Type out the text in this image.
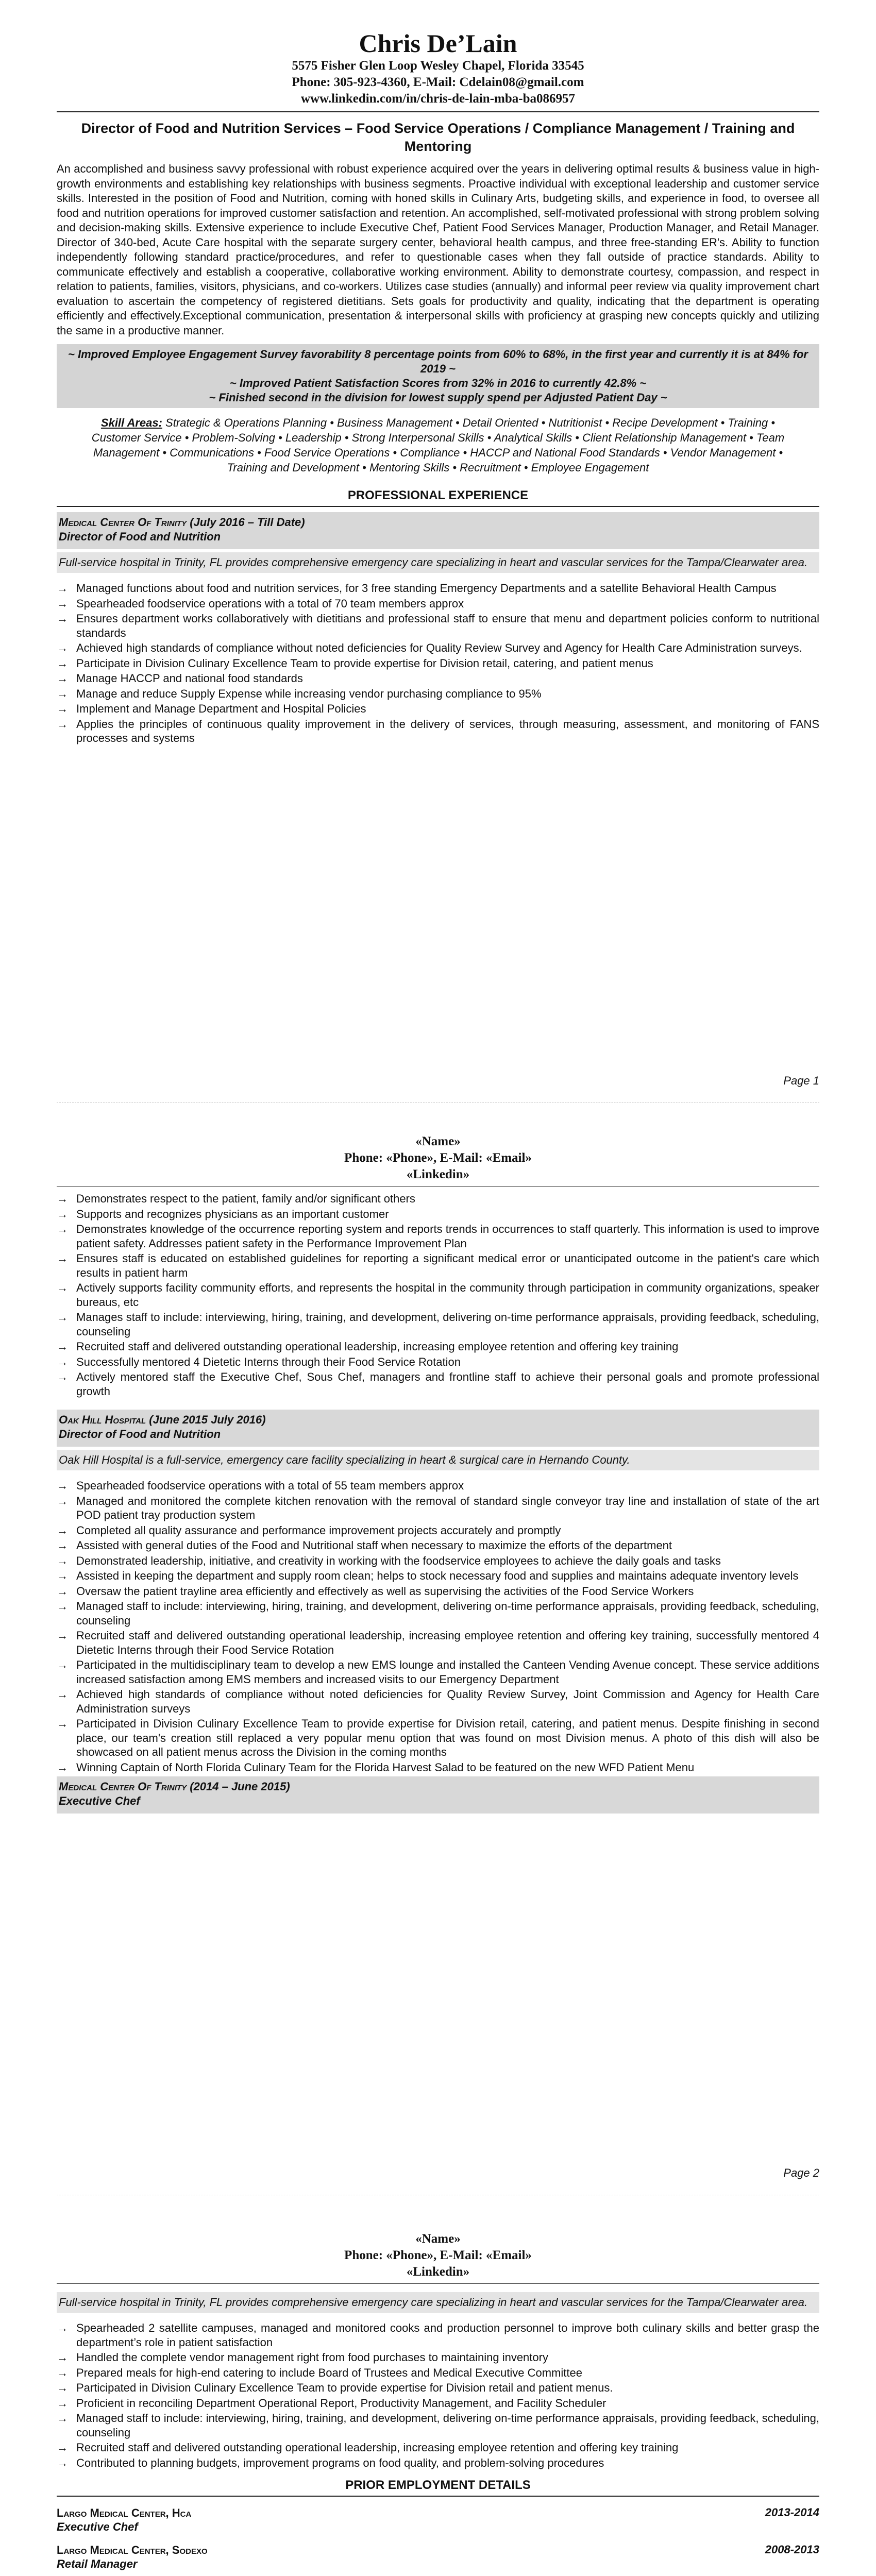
Chris De’Lain
5575 Fisher Glen Loop Wesley Chapel, Florida 33545
Phone: 305-923-4360, E-Mail: Cdelain08@gmail.com
www.linkedin.com/in/chris-de-lain-mba-ba086957
Director of Food and Nutrition Services – Food Service Operations / Compliance Management / Training and Mentoring
An accomplished and business savvy professional with robust experience acquired over the years in delivering optimal results & business value in high-growth environments and establishing key relationships with business segments. Proactive individual with exceptional leadership and customer service skills. Interested in the position of Food and Nutrition, coming with honed skills in Culinary Arts, budgeting skills, and experience in food, to oversee all food and nutrition operations for improved customer satisfaction and retention. An accomplished, self-motivated professional with strong problem solving and decision-making skills. Extensive experience to include Executive Chef, Patient Food Services Manager, Production Manager, and Retail Manager. Director of 340-bed, Acute Care hospital with the separate surgery center, behavioral health campus, and three free-standing ER's. Ability to function independently following standard practice/procedures, and refer to questionable cases when they fall outside of practice standards. Ability to communicate effectively and establish a cooperative, collaborative working environment. Ability to demonstrate courtesy, compassion, and respect in relation to patients, families, visitors, physicians, and co-workers. Utilizes case studies (annually) and informal peer review via quality improvement chart evaluation to ascertain the competency of registered dietitians. Sets goals for productivity and quality, indicating that the department is operating efficiently and effectively.Exceptional communication, presentation & interpersonal skills with proficiency at grasping new concepts quickly and utilizing the same in a productive manner.
~ Improved Employee Engagement Survey favorability 8 percentage points from 60% to 68%, in the first year and currently it is at 84% for 2019 ~
~ Improved Patient Satisfaction Scores from 32% in 2016 to currently 42.8% ~
~ Finished second in the division for lowest supply spend per Adjusted Patient Day ~
Skill Areas: Strategic & Operations Planning • Business Management • Detail Oriented • Nutritionist • Recipe Development • Training • Customer Service • Problem-Solving • Leadership • Strong Interpersonal Skills • Analytical Skills • Client Relationship Management • Team Management • Communications • Food Service Operations • Compliance • HACCP and National Food Standards • Vendor Management • Training and Development • Mentoring Skills • Recruitment • Employee Engagement
PROFESSIONAL EXPERIENCE
Medical Center Of Trinity (July 2016 – Till Date)
Director of Food and Nutrition
Full-service hospital in Trinity, FL provides comprehensive emergency care specializing in heart and vascular services for the Tampa/Clearwater area.
→ Managed functions about food and nutrition services, for 3 free standing Emergency Departments and a satellite Behavioral Health Campus
→ Spearheaded foodservice operations with a total of 70 team members approx
→ Ensures department works collaboratively with dietitians and professional staff to ensure that menu and department policies conform to nutritional standards
→ Achieved high standards of compliance without noted deficiencies for Quality Review Survey and Agency for Health Care Administration surveys.
→ Participate in Division Culinary Excellence Team to provide expertise for Division retail, catering, and patient menus
→ Manage HACCP and national food standards
→ Manage and reduce Supply Expense while increasing vendor purchasing compliance to 95%
→ Implement and Manage Department and Hospital Policies
→ Applies the principles of continuous quality improvement in the delivery of services, through measuring, assessment, and monitoring of FANS processes and systems
Page 1
«Name»
Phone: «Phone», E-Mail: «Email»
«Linkedin»
→ Demonstrates respect to the patient, family and/or significant others
→ Supports and recognizes physicians as an important customer
→ Demonstrates knowledge of the occurrence reporting system and reports trends in occurrences to staff quarterly. This information is used to improve patient safety. Addresses patient safety in the Performance Improvement Plan
→ Ensures staff is educated on established guidelines for reporting a significant medical error or unanticipated outcome in the patient's care which results in patient harm
→ Actively supports facility community efforts, and represents the hospital in the community through participation in community organizations, speaker bureaus, etc
→ Manages staff to include: interviewing, hiring, training, and development, delivering on-time performance appraisals, providing feedback, scheduling, counseling
→ Recruited staff and delivered outstanding operational leadership, increasing employee retention and offering key training
→ Successfully mentored 4 Dietetic Interns through their Food Service Rotation
→ Actively mentored staff the Executive Chef, Sous Chef, managers and frontline staff to achieve their personal goals and promote professional growth
Oak Hill Hospital (June 2015 July 2016)
Director of Food and Nutrition
Oak Hill Hospital is a full-service, emergency care facility specializing in heart & surgical care in Hernando County.
→ Spearheaded foodservice operations with a total of 55 team members approx
→ Managed and monitored the complete kitchen renovation with the removal of standard single conveyor tray line and installation of state of the art POD patient tray production system
→ Completed all quality assurance and performance improvement projects accurately and promptly
→ Assisted with general duties of the Food and Nutritional staff when necessary to maximize the efforts of the department
→ Demonstrated leadership, initiative, and creativity in working with the foodservice employees to achieve the daily goals and tasks
→ Assisted in keeping the department and supply room clean; helps to stock necessary food and supplies and maintains adequate inventory levels
→ Oversaw the patient trayline area efficiently and effectively as well as supervising the activities of the Food Service Workers
→ Managed staff to include: interviewing, hiring, training, and development, delivering on-time performance appraisals, providing feedback, scheduling, counseling
→ Recruited staff and delivered outstanding operational leadership, increasing employee retention and offering key training, successfully mentored 4 Dietetic Interns through their Food Service Rotation
→ Participated in the multidisciplinary team to develop a new EMS lounge and installed the Canteen Vending Avenue concept. These service additions increased satisfaction among EMS members and increased visits to our Emergency Department
→ Achieved high standards of compliance without noted deficiencies for Quality Review Survey, Joint Commission and Agency for Health Care Administration surveys
→ Participated in Division Culinary Excellence Team to provide expertise for Division retail, catering, and patient menus. Despite finishing in second place, our team's creation still replaced a very popular menu option that was found on most Division menus. A photo of this dish will also be showcased on all patient menus across the Division in the coming months
→ Winning Captain of North Florida Culinary Team for the Florida Harvest Salad to be featured on the new WFD Patient Menu
Medical Center Of Trinity (2014 – June 2015)
Executive Chef
Page 2
«Name»
Phone: «Phone», E-Mail: «Email»
«Linkedin»
Full-service hospital in Trinity, FL provides comprehensive emergency care specializing in heart and vascular services for the Tampa/Clearwater area.
→ Spearheaded 2 satellite campuses, managed and monitored cooks and production personnel to improve both culinary skills and better grasp the department’s role in patient satisfaction
→ Handled the complete vendor management right from food purchases to maintaining inventory
→ Prepared meals for high-end catering to include Board of Trustees and Medical Executive Committee
→ Participated in Division Culinary Excellence Team to provide expertise for Division retail and patient menus.
→ Proficient in reconciling Department Operational Report, Productivity Management, and Facility Scheduler
→ Managed staff to include: interviewing, hiring, training, and development, delivering on-time performance appraisals, providing feedback, scheduling, counseling
→ Recruited staff and delivered outstanding operational leadership, increasing employee retention and offering key training
→ Contributed to planning budgets, improvement programs on food quality, and problem-solving procedures
PRIOR EMPLOYMENT DETAILS
Largo Medical Center, Hca
Executive Chef
2013-2014
Largo Medical Center, Sodexo
Retail Manager
2008-2013
